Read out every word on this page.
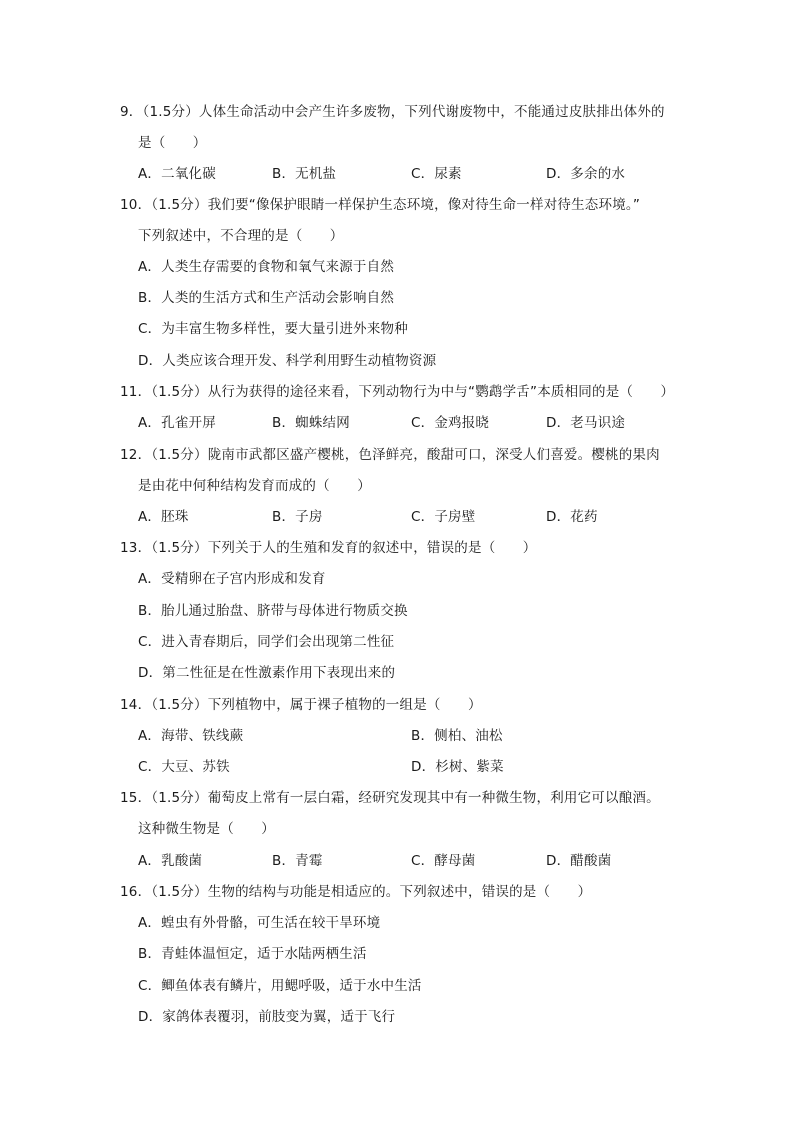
9．（1.5分）人体生命活动中会产生许多废物，下列代谢废物中，不能通过皮肤排出体外的
是（　　）
A．二氧化碳	B．无机盐	C．尿素	D．多余的水
10．（1.5分）我们要“像保护眼睛一样保护生态环境，像对待生命一样对待生态环境。”
下列叙述中，不合理的是（　　）
A．人类生存需要的食物和氧气来源于自然
B．人类的生活方式和生产活动会影响自然
C．为丰富生物多样性，要大量引进外来物种
D．人类应该合理开发、科学利用野生动植物资源
11．（1.5分）从行为获得的途径来看，下列动物行为中与“鹦鹉学舌”本质相同的是（　　）
A．孔雀开屏	B．蜘蛛结网	C．金鸡报晓	D．老马识途
12．（1.5分）陇南市武都区盛产樱桃，色泽鲜亮，酸甜可口，深受人们喜爱。樱桃的果肉
是由花中何种结构发育而成的（　　）
A．胚珠	B．子房	C．子房壁	D．花药
13．（1.5分）下列关于人的生殖和发育的叙述中，错误的是（　　）
A．受精卵在子宫内形成和发育
B．胎儿通过胎盘、脐带与母体进行物质交换
C．进入青春期后，同学们会出现第二性征
D．第二性征是在性激素作用下表现出来的
14．（1.5分）下列植物中，属于裸子植物的一组是（　　）
A．海带、铁线蕨	B．侧柏、油松
C．大豆、苏铁	D．杉树、紫菜
15．（1.5分）葡萄皮上常有一层白霜，经研究发现其中有一种微生物，利用它可以酿酒。
这种微生物是（　　）
A．乳酸菌	B．青霉	C．酵母菌	D．醋酸菌
16．（1.5分）生物的结构与功能是相适应的。下列叙述中，错误的是（　　）
A．蝗虫有外骨骼，可生活在较干旱环境
B．青蛙体温恒定，适于水陆两栖生活
C．鲫鱼体表有鳞片，用鳃呼吸，适于水中生活
D．家鸽体表覆羽，前肢变为翼，适于飞行
